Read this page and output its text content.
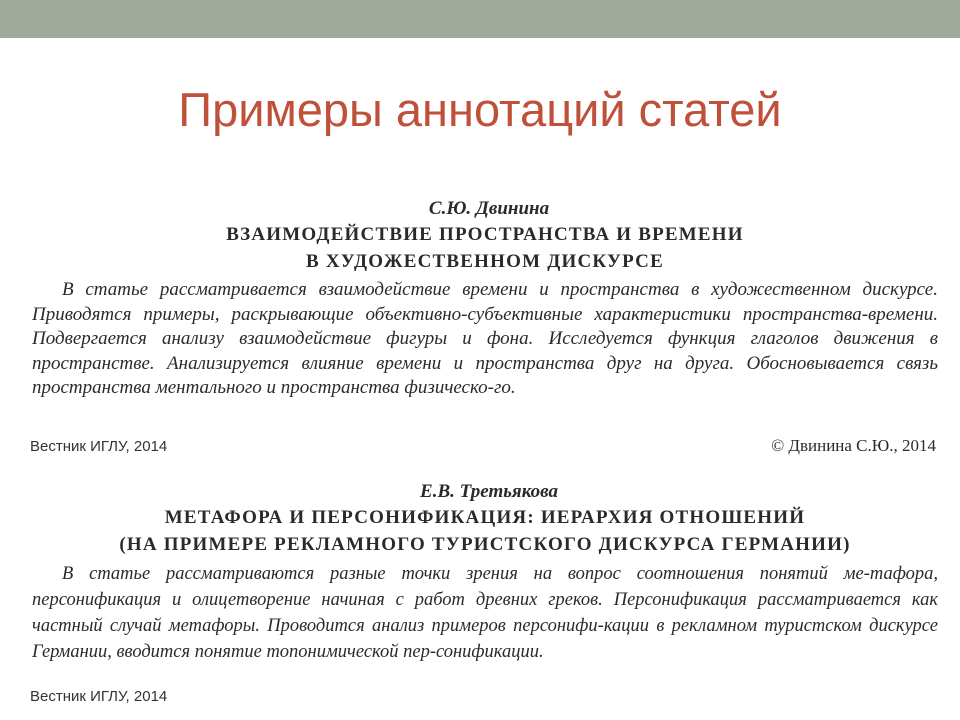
Примеры аннотаций статей
С.Ю. Двинина
ВЗАИМОДЕЙСТВИЕ ПРОСТРАНСТВА И ВРЕМЕНИ
В ХУДОЖЕСТВЕННОМ ДИСКУРСЕ

В статье рассматривается взаимодействие времени и пространства в художественном дискурсе. Приводятся примеры, раскрывающие объективно-субъективные характеристики пространства-времени. Подвергается анализу взаимодействие фигуры и фона. Исследуется функция глаголов движения в пространстве. Анализируется влияние времени и пространства друг на друга. Обосновывается связь пространства ментального и пространства физическо-го.

Вестник ИГЛУ, 2014	© Двинина С.Ю., 2014
Е.В. Третьякова
МЕТАФОРА И ПЕРСОНИФИКАЦИЯ: ИЕРАРХИЯ ОТНОШЕНИЙ
(НА ПРИМЕРЕ РЕКЛАМНОГО ТУРИСТСКОГО ДИСКУРСА ГЕРМАНИИ)

В статье рассматриваются разные точки зрения на вопрос соотношения понятий ме-тафора, персонификация и олицетворение начиная с работ древних греков. Персонификация рассматривается как частный случай метафоры. Проводится анализ примеров персонифи-кации в рекламном туристском дискурсе Германии, вводится понятие топонимической пер-сонификации.

Вестник ИГЛУ, 2014
